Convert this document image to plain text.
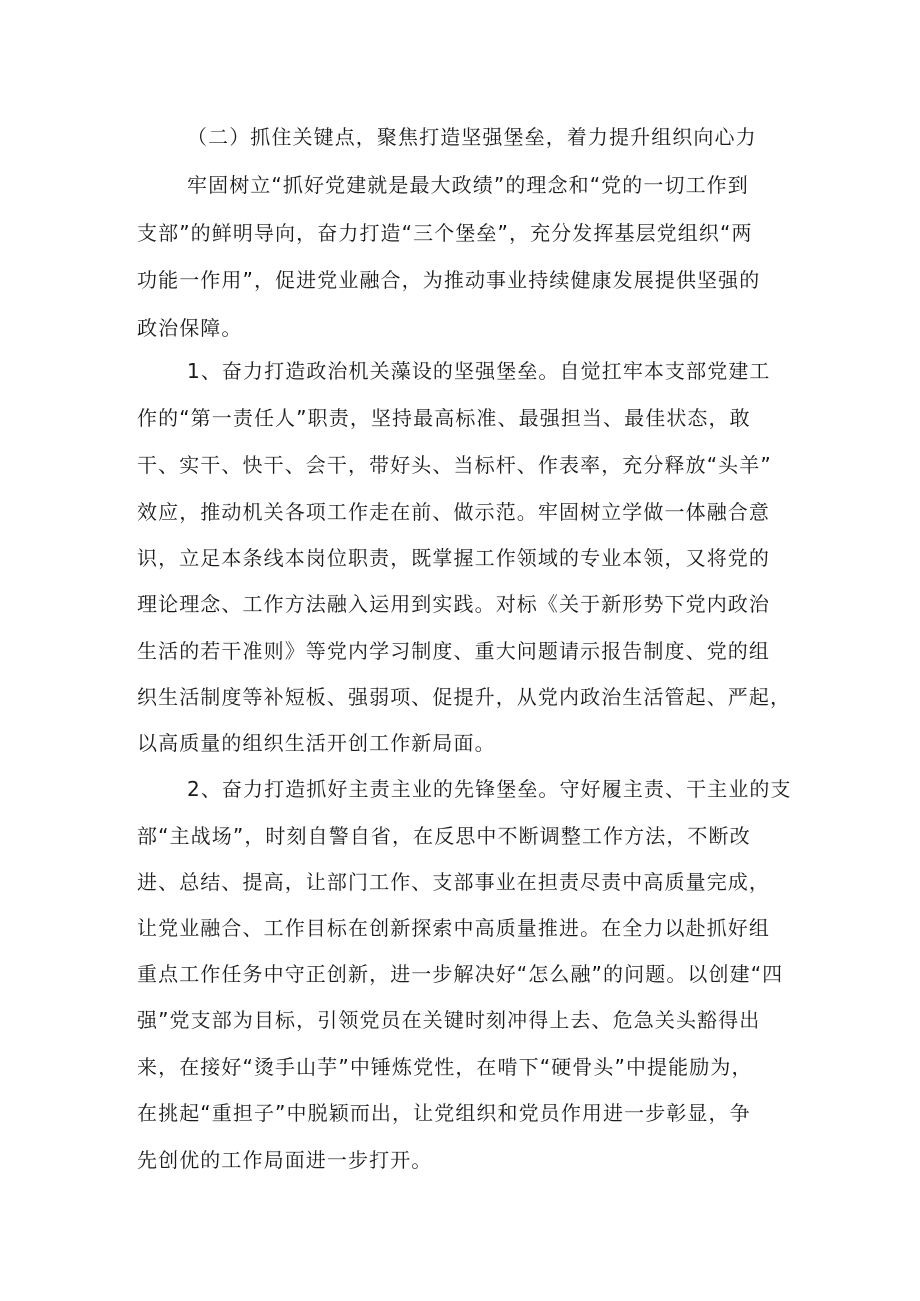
（二）抓住关键点，聚焦打造坚强堡垒，着力提升组织向心力
牢固树立“抓好党建就是最大政绩”的理念和“党的一切工作到
支部”的鲜明导向，奋力打造“三个堡垒”，充分发挥基层党组织“两
功能一作用”，促进党业融合，为推动事业持续健康发展提供坚强的
政治保障。
1、奋力打造政治机关藻设的坚强堡垒。自觉扛牢本支部党建工
作的“第一责任人”职责，坚持最高标准、最强担当、最佳状态，敢
干、实干、快干、会干，带好头、当标杆、作表率，充分释放“头羊”
效应，推动机关各项工作走在前、做示范。牢固树立学做一体融合意
识，立足本条线本岗位职责，既掌握工作领域的专业本领，又将党的
理论理念、工作方法融入运用到实践。对标《关于新形势下党内政治
生活的若干准则》等党内学习制度、重大问题请示报告制度、党的组
织生活制度等补短板、强弱项、促提升，从党内政治生活管起、严起，
以高质量的组织生活开创工作新局面。
2、奋力打造抓好主责主业的先锋堡垒。守好履主责、干主业的支
部“主战场”，时刻自警自省，在反思中不断调整工作方法，不断改
进、总结、提高，让部门工作、支部事业在担责尽责中高质量完成，
让党业融合、工作目标在创新探索中高质量推进。在全力以赴抓好组
重点工作任务中守正创新，进一步解决好“怎么融”的问题。以创建“四
强”党支部为目标，引领党员在关键时刻冲得上去、危急关头豁得出
来，在接好“烫手山芋”中锤炼党性，在啃下“硬骨头”中提能励为，
在挑起“重担子”中脱颖而出，让党组织和党员作用进一步彰显，争
先创优的工作局面进一步打开。
